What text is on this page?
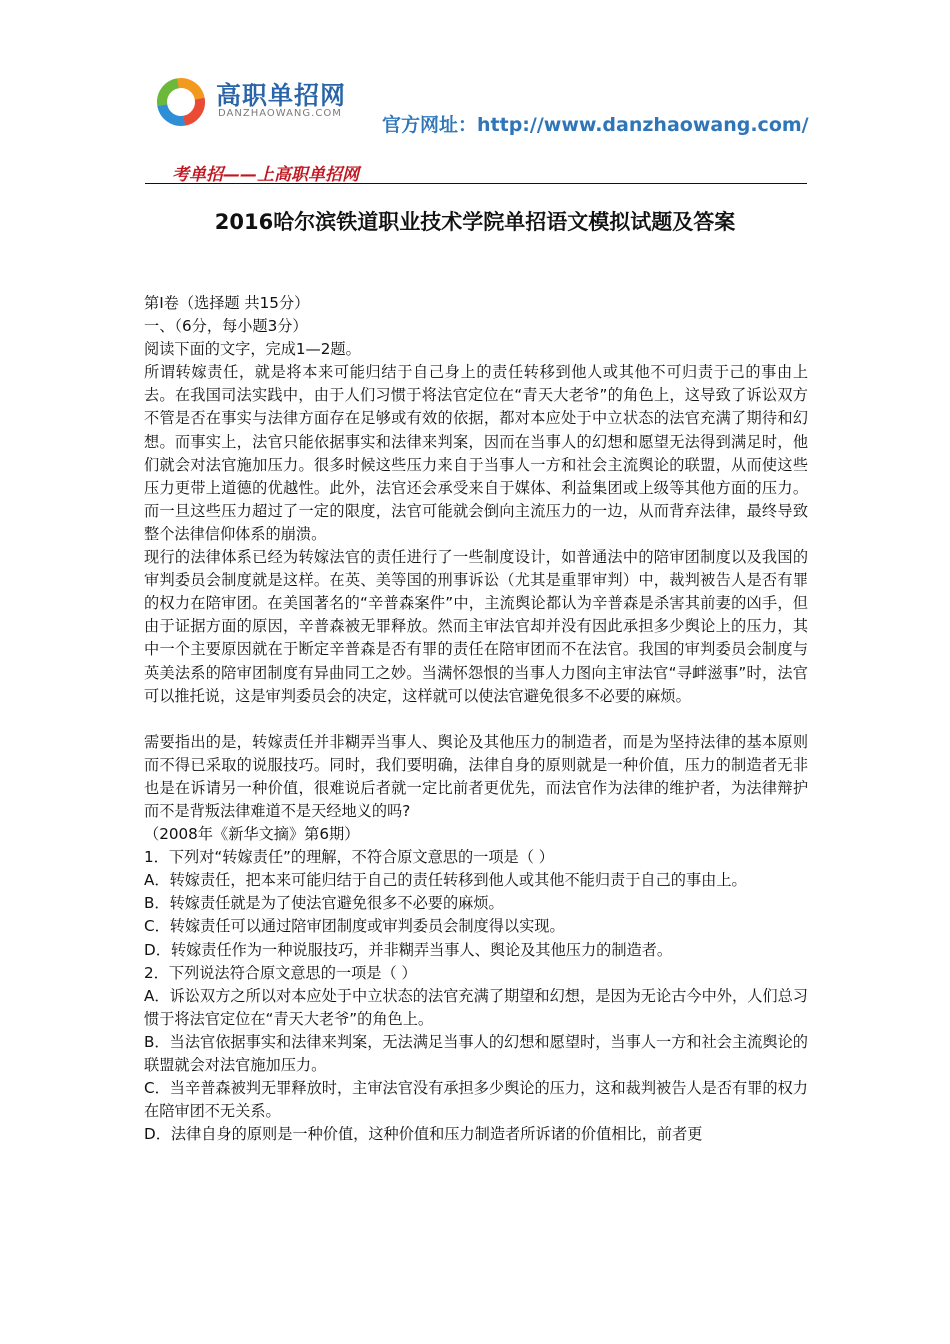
高职单招网
DANZHAOWANG.COM
官方网址：http://www.danzhaowang.com/
考单招——上高职单招网
2016哈尔滨铁道职业技术学院单招语文模拟试题及答案

第Ⅰ卷（选择题 共15分）

一、（6分，每小题3分）

阅读下面的文字，完成1—2题。

所谓转嫁责任，就是将本来可能归结于自己身上的责任转移到他人或其他不可归责于己的事由上去。在我国司法实践中，由于人们习惯于将法官定位在“青天大老爷”的角色上，这导致了诉讼双方不管是否在事实与法律方面存在足够或有效的依据，都对本应处于中立状态的法官充满了期待和幻想。而事实上，法官只能依据事实和法律来判案，因而在当事人的幻想和愿望无法得到满足时，他们就会对法官施加压力。很多时候这些压力来自于当事人一方和社会主流舆论的联盟，从而使这些压力更带上道德的优越性。此外，法官还会承受来自于媒体、利益集团或上级等其他方面的压力。而一旦这些压力超过了一定的限度，法官可能就会倒向主流压力的一边，从而背弃法律，最终导致整个法律信仰体系的崩溃。

现行的法律体系已经为转嫁法官的责任进行了一些制度设计，如普通法中的陪审团制度以及我国的审判委员会制度就是这样。在英、美等国的刑事诉讼（尤其是重罪审判）中，裁判被告人是否有罪的权力在陪审团。在美国著名的“辛普森案件”中，主流舆论都认为辛普森是杀害其前妻的凶手，但由于证据方面的原因，辛普森被无罪释放。然而主审法官却并没有因此承担多少舆论上的压力，其中一个主要原因就在于断定辛普森是否有罪的责任在陪审团而不在法官。我国的审判委员会制度与英美法系的陪审团制度有异曲同工之妙。当满怀怨恨的当事人力图向主审法官“寻衅滋事”时，法官可以推托说，这是审判委员会的决定，这样就可以使法官避免很多不必要的麻烦。

需要指出的是，转嫁责任并非糊弄当事人、舆论及其他压力的制造者，而是为坚持法律的基本原则而不得已采取的说服技巧。同时，我们要明确，法律自身的原则就是一种价值，压力的制造者无非也是在诉请另一种价值，很难说后者就一定比前者更优先，而法官作为法律的维护者，为法律辩护而不是背叛法律难道不是天经地义的吗?

（2008年《新华文摘》第6期）

1．下列对“转嫁责任”的理解，不符合原文意思的一项是（ ）

A．转嫁责任，把本来可能归结于自己的责任转移到他人或其他不能归责于自己的事由上。

B．转嫁责任就是为了使法官避免很多不必要的麻烦。

C．转嫁责任可以通过陪审团制度或审判委员会制度得以实现。

D．转嫁责任作为一种说服技巧，并非糊弄当事人、舆论及其他压力的制造者。

2．下列说法符合原文意思的一项是（ ）

A．诉讼双方之所以对本应处于中立状态的法官充满了期望和幻想，是因为无论古今中外，人们总习惯于将法官定位在“青天大老爷”的角色上。

B．当法官依据事实和法律来判案，无法满足当事人的幻想和愿望时，当事人一方和社会主流舆论的联盟就会对法官施加压力。

C．当辛普森被判无罪释放时，主审法官没有承担多少舆论的压力，这和裁判被告人是否有罪的权力在陪审团不无关系。

D．法律自身的原则是一种价值，这种价值和压力制造者所诉诸的价值相比，前者更
